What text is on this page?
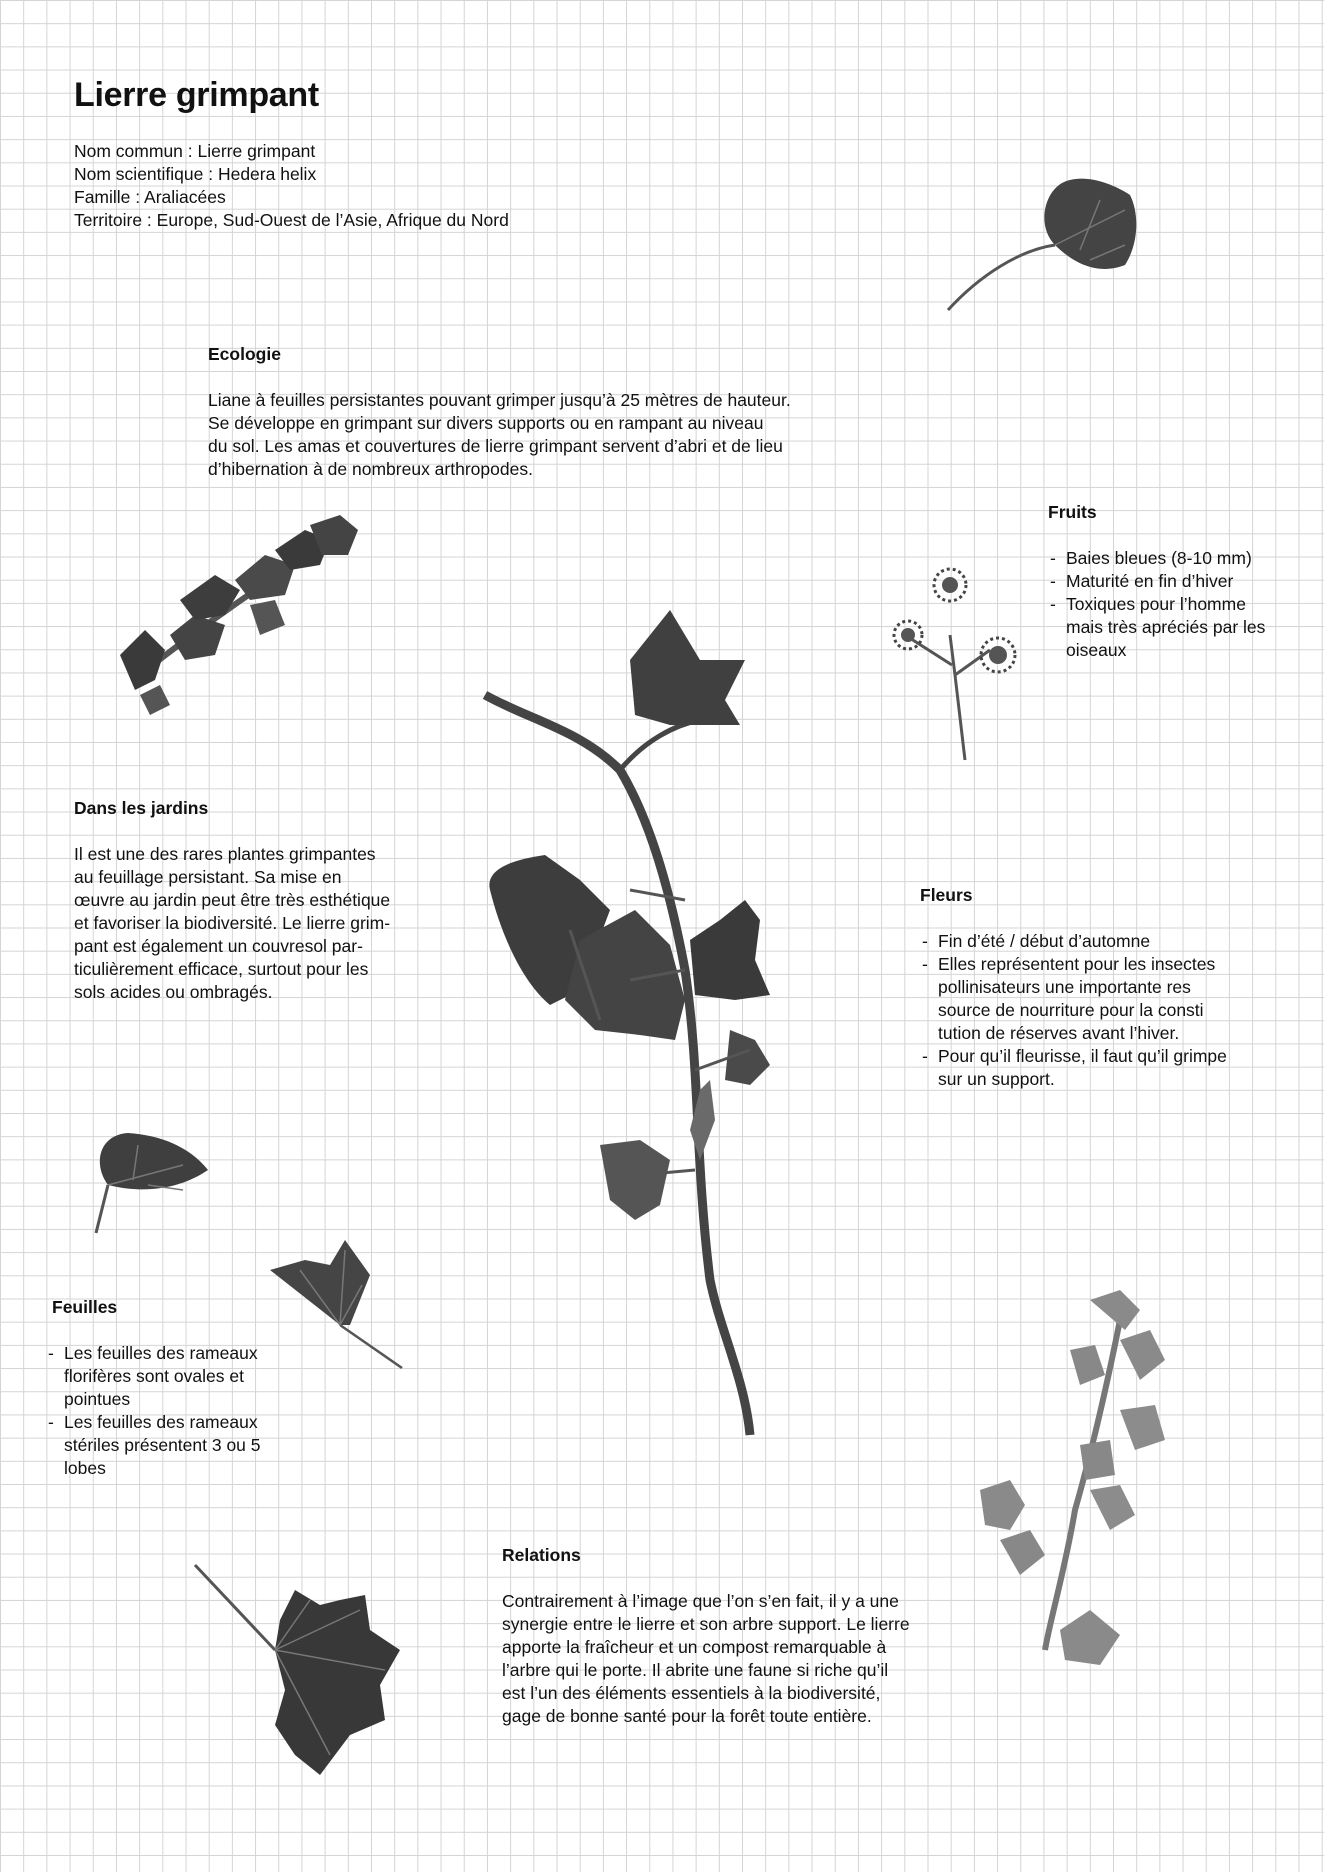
Lierre grimpant
Nom commun : Lierre grimpant
Nom scientifique : Hedera helix
Famille : Araliacées
Territoire : Europe, Sud-Ouest de l’Asie, Afrique du Nord
Ecologie
Liane à feuilles persistantes pouvant grimper jusqu’à 25 mètres de hauteur.
Se développe en grimpant sur divers supports ou en rampant au niveau
du sol. Les amas et couvertures de lierre grimpant servent d’abri et de lieu
d’hibernation à de nombreux arthropodes.
Fruits
- Baies bleues (8-10 mm)
- Maturité en fin d’hiver
- Toxiques pour l’homme mais très apréciés par les oiseaux
Dans les jardins
Il est une des rares plantes grimpantes
au feuillage persistant. Sa mise en
œuvre au jardin peut être très esthétique
et favoriser la biodiversité. Le lierre grim-
pant est également un couvresol par-
ticulièrement efficace, surtout pour les
sols acides ou ombragés.
Fleurs
- Fin d’été / début d’automne
- Elles représentent pour les insectes pollinisateurs une importante res source de nourriture pour la consti tution de réserves avant l’hiver.
- Pour qu’il fleurisse, il faut qu’il grimpe sur un support.
Feuilles
- Les feuilles des rameaux florifères sont ovales et pointues
- Les feuilles des rameaux stériles présentent 3 ou 5 lobes
Relations
Contrairement à l’image que l’on s’en fait, il y a une
synergie entre le lierre et son arbre support. Le lierre
apporte la fraîcheur et un compost remarquable à
l’arbre qui le porte. Il abrite une faune si riche qu’il
est l’un des éléments essentiels à la biodiversité,
gage de bonne santé pour la forêt toute entière.
